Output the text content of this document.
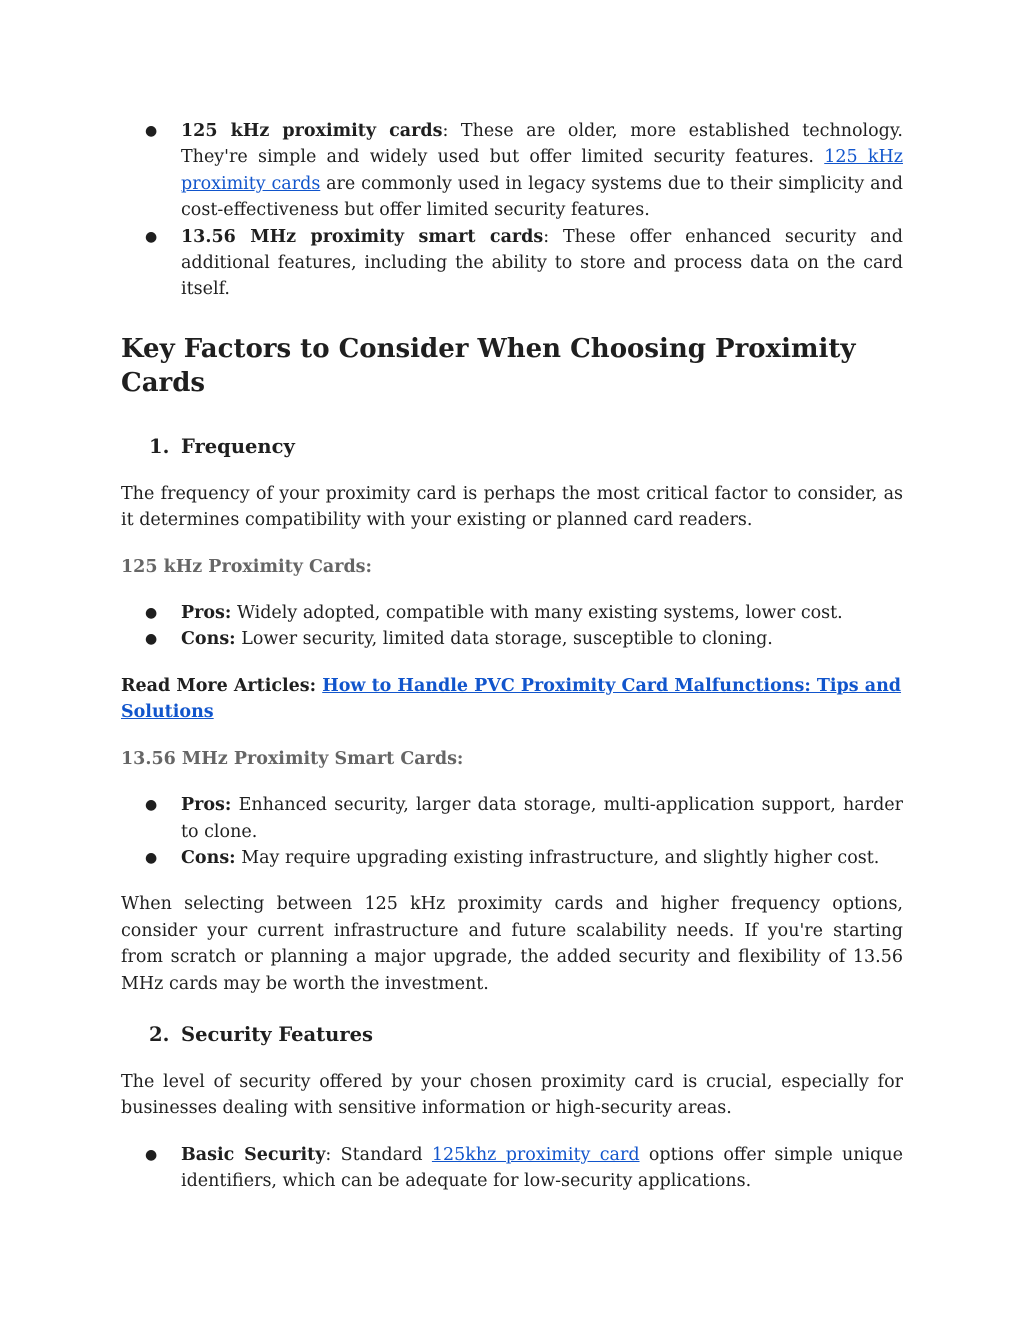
● 125 kHz proximity cards: These are older, more established technology. They're simple and widely used but offer limited security features. 125 kHz proximity cards are commonly used in legacy systems due to their simplicity and cost-effectiveness but offer limited security features.
● 13.56 MHz proximity smart cards: These offer enhanced security and additional features, including the ability to store and process data on the card itself.
Key Factors to Consider When Choosing Proximity Cards
1. Frequency

The frequency of your proximity card is perhaps the most critical factor to consider, as it determines compatibility with your existing or planned card readers.

125 kHz Proximity Cards:

● Pros: Widely adopted, compatible with many existing systems, lower cost.
● Cons: Lower security, limited data storage, susceptible to cloning.

Read More Articles: How to Handle PVC Proximity Card Malfunctions: Tips and Solutions

13.56 MHz Proximity Smart Cards:

● Pros: Enhanced security, larger data storage, multi-application support, harder to clone.
● Cons: May require upgrading existing infrastructure, and slightly higher cost.

When selecting between 125 kHz proximity cards and higher frequency options, consider your current infrastructure and future scalability needs. If you're starting from scratch or planning a major upgrade, the added security and flexibility of 13.56 MHz cards may be worth the investment.

2. Security Features

The level of security offered by your chosen proximity card is crucial, especially for businesses dealing with sensitive information or high-security areas.

● Basic Security: Standard 125khz proximity card options offer simple unique identifiers, which can be adequate for low-security applications.
